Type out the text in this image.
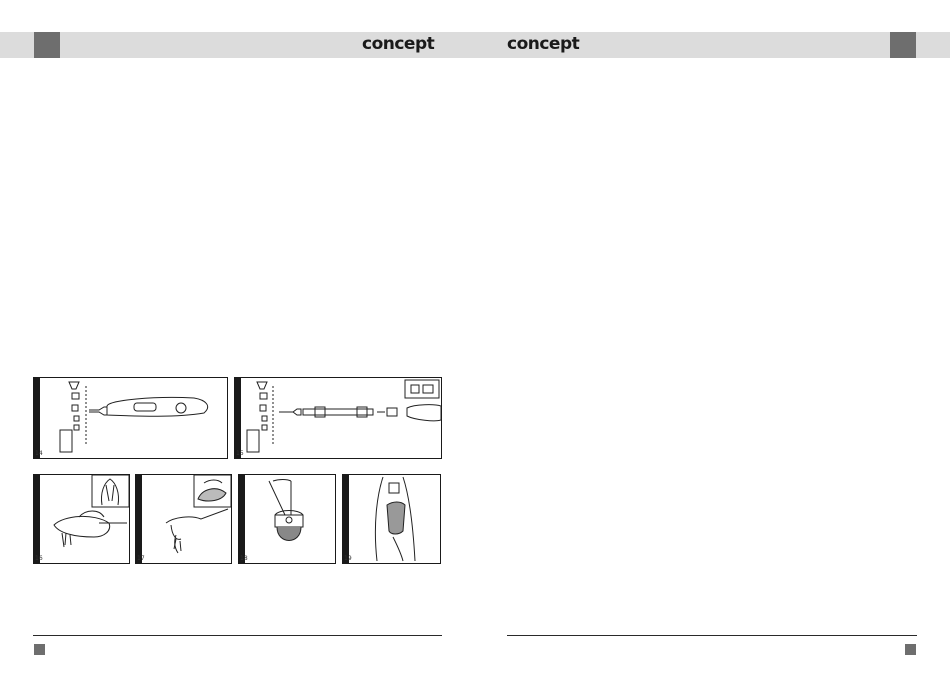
concept	concept
14	15
16	17	18	19
